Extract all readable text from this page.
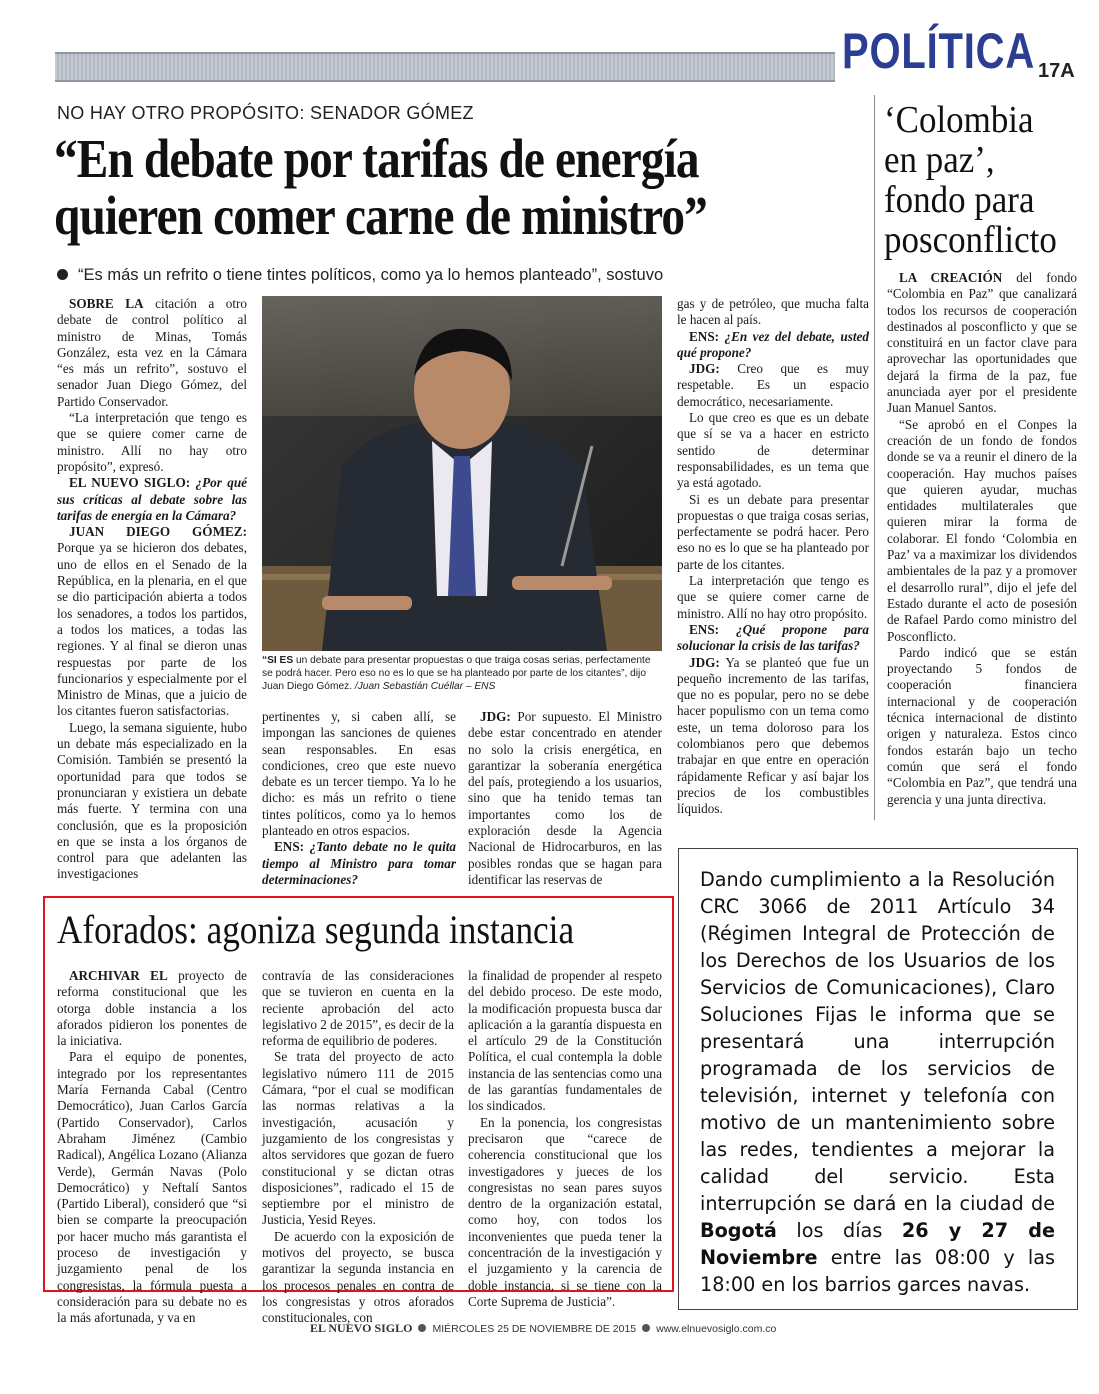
POLÍTICA 17A
NO HAY OTRO PROPÓSITO: SENADOR GÓMEZ
“En debate por tarifas de energía
quieren comer carne de ministro”
“Es más un refrito o tiene tintes políticos, como ya lo hemos planteado”, sostuvo

SOBRE LA citación a otro debate de control político al ministro de Minas, Tomás González, esta vez en la Cámara “es más un refrito”, sostuvo el senador Juan Diego Gómez, del Partido Conservador.

“La interpretación que tengo es que se quiere comer carne de ministro. Allí no hay otro propósito”, expresó.

EL NUEVO SIGLO: ¿Por qué sus críticas al debate sobre las tarifas de energía en la Cámara?

JUAN DIEGO GÓMEZ: Porque ya se hicieron dos debates, uno de ellos en el Senado de la República, en la plenaria, en el que se dio participación abierta a todos los senadores, a todos los partidos, a todos los matices, a todas las regiones. Y al final se dieron unas respuestas por parte de los funcionarios y especialmente por el Ministro de Minas, que a juicio de los citantes fueron satisfactorias.

Luego, la semana siguiente, hubo un debate más especializado en la Comisión. También se presentó la oportunidad para que todos se pronunciaran y existiera un debate más fuerte. Y termina con una conclusión, que es la proposición en que se insta a los órganos de control para que adelanten las investigaciones

“SI ES un debate para presentar propuestas o que traiga cosas serias, perfectamente se podrá hacer. Pero eso no es lo que se ha planteado por parte de los citantes”, dijo Juan Diego Gómez. /Juan Sebastián Cuéllar – ENS

pertinentes y, si caben allí, se impongan las sanciones de quienes sean responsables. En esas condiciones, creo que este nuevo debate es un tercer tiempo. Ya lo he dicho: es más un refrito o tiene tintes políticos, como ya lo hemos planteado en otros espacios.

ENS: ¿Tanto debate no le quita tiempo al Ministro para tomar determinaciones?

JDG: Por supuesto. El Ministro debe estar concentrado en atender no solo la crisis energética, en garantizar la soberanía energética del país, protegiendo a los usuarios, sino que ha tenido temas tan importantes como los de exploración desde la Agencia Nacional de Hidrocarburos, en las posibles rondas que se hagan para identificar las reservas de

gas y de petróleo, que mucha falta le hacen al país.

ENS: ¿En vez del debate, usted qué propone?

JDG: Creo que es muy respetable. Es un espacio democrático, necesariamente.

Lo que creo es que es un debate que sí se va a hacer en estricto sentido de determinar responsabilidades, es un tema que ya está agotado.

Si es un debate para presentar propuestas o que traiga cosas serias, perfectamente se podrá hacer. Pero eso no es lo que se ha planteado por parte de los citantes.

La interpretación que tengo es que se quiere comer carne de ministro. Allí no hay otro propósito.

ENS: ¿Qué propone para solucionar la crisis de las tarifas?

JDG: Ya se planteó que fue un pequeño incremento de las tarifas, que no es popular, pero no se debe hacer populismo con un tema como este, un tema doloroso para los colombianos pero que debemos trabajar en que entre en operación rápidamente Reficar y así bajar los precios de los combustibles líquidos.

‘Colombia en paz’, fondo para posconflicto

LA CREACIÓN del fondo “Colombia en Paz” que canalizará todos los recursos de cooperación destinados al posconflicto y que se constituirá en un factor clave para aprovechar las oportunidades que dejará la firma de la paz, fue anunciada ayer por el presidente Juan Manuel Santos.

“Se aprobó en el Conpes la creación de un fondo de fondos donde se va a reunir el dinero de la cooperación. Hay muchos países que quieren ayudar, muchas entidades multilaterales que quieren mirar la forma de colaborar. El fondo ‘Colombia en Paz’ va a maximizar los dividendos ambientales de la paz y a promover el desarrollo rural”, dijo el jefe del Estado durante el acto de posesión de Rafael Pardo como ministro del Posconflicto.

Pardo indicó que se están proyectando 5 fondos de cooperación financiera internacional y de cooperación técnica internacional de distinto origen y naturaleza. Estos cinco fondos estarán bajo un techo común que será el fondo “Colombia en Paz”, que tendrá una gerencia y una junta directiva.

Aforados: agoniza segunda instancia

ARCHIVAR EL proyecto de reforma constitucional que les otorga doble instancia a los aforados pidieron los ponentes de la iniciativa.

Para el equipo de ponentes, integrado por los representantes María Fernanda Cabal (Centro Democrático), Juan Carlos García (Partido Conservador), Carlos Abraham Jiménez (Cambio Radical), Angélica Lozano (Alianza Verde), Germán Navas (Polo Democrático) y Neftalí Santos (Partido Liberal), consideró que “si bien se comparte la preocupación por hacer mucho más garantista el proceso de investigación y juzgamiento penal de los congresistas, la fórmula puesta a consideración para su debate no es la más afortunada, y va en

contravía de las consideraciones que se tuvieron en cuenta en la reciente aprobación del acto legislativo 2 de 2015”, es decir de la reforma de equilibrio de poderes.

Se trata del proyecto de acto legislativo número 111 de 2015 Cámara, “por el cual se modifican las normas relativas a la investigación, acusación y juzgamiento de los congresistas y altos servidores que gozan de fuero constitucional y se dictan otras disposiciones”, radicado el 15 de septiembre por el ministro de Justicia, Yesid Reyes.

De acuerdo con la exposición de motivos del proyecto, se busca garantizar la segunda instancia en los procesos penales en contra de los congresistas y otros aforados constitucionales, con

la finalidad de propender al respeto del debido proceso. De este modo, la modificación propuesta busca dar aplicación a la garantía dispuesta en el artículo 29 de la Constitución Política, el cual contempla la doble instancia de las sentencias como una de las garantías fundamentales de los sindicados.

En la ponencia, los congresistas precisaron que “carece de coherencia constitucional que los investigadores y jueces de los congresistas no sean pares suyos dentro de la organización estatal, como hoy, con todos los inconvenientes que pueda tener la concentración de la investigación y el juzgamiento y la carencia de doble instancia, si se tiene con la Corte Suprema de Justicia”.

Dando cumplimiento a la Resolución CRC 3066 de 2011 Artículo 34 (Régimen Integral de Protección de los Derechos de los Usuarios de los Servicios de Comunicaciones), Claro Soluciones Fijas le informa que se presentará una interrupción programada de los servicios de televisión, internet y telefonía con motivo de un mantenimiento sobre las redes, tendientes a mejorar la calidad del servicio. Esta interrupción se dará en la ciudad de Bogotá los días 26 y 27 de Noviembre entre las 08:00 y las 18:00 en los barrios garces navas.
EL NUEVO SIGLO MIÉRCOLES 25 DE NOVIEMBRE DE 2015 www.elnuevosiglo.com.co
